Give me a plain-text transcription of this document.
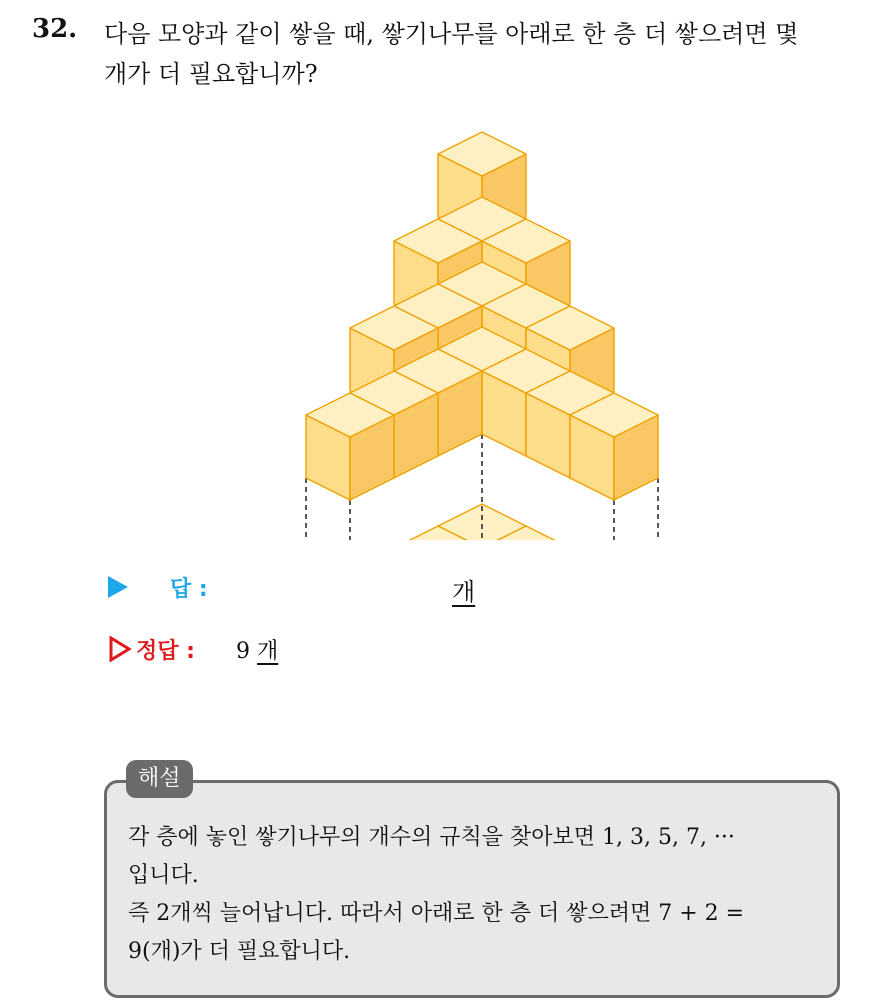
32. 다음 모양과 같이 쌓을 때, 쌓기나무를 아래로 한 층 더 쌓으려면 몇
개가 더 필요합니까?
답 :	개
정답 : 9 개
해설
각 층에 놓인 쌓기나무의 개수의 규칙을 찾아보면 1, 3, 5, 7, ···
입니다.
즉 2개씩 늘어납니다. 따라서 아래로 한 층 더 쌓으려면 7 + 2 =
9(개)가 더 필요합니다.
